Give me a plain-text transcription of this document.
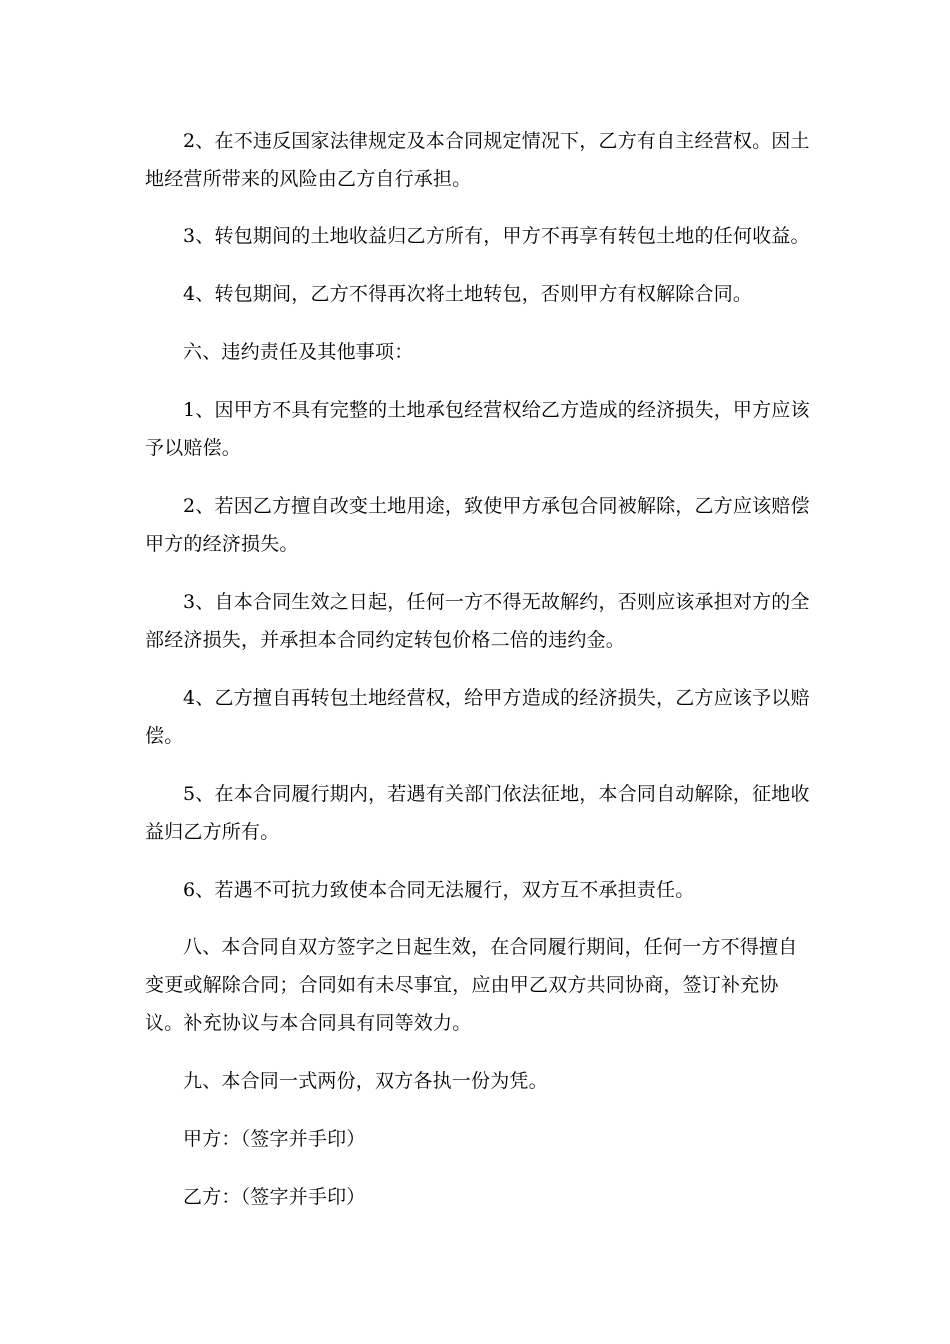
2、在不违反国家法律规定及本合同规定情况下，乙方有自主经营权。因土地经营所带来的风险由乙方自行承担。

3、转包期间的土地收益归乙方所有，甲方不再享有转包土地的任何收益。

4、转包期间，乙方不得再次将土地转包，否则甲方有权解除合同。

六、违约责任及其他事项：

1、因甲方不具有完整的土地承包经营权给乙方造成的经济损失，甲方应该予以赔偿。

2、若因乙方擅自改变土地用途，致使甲方承包合同被解除，乙方应该赔偿甲方的经济损失。

3、自本合同生效之日起，任何一方不得无故解约，否则应该承担对方的全部经济损失，并承担本合同约定转包价格二倍的违约金。

4、乙方擅自再转包土地经营权，给甲方造成的经济损失，乙方应该予以赔偿。

5、在本合同履行期内，若遇有关部门依法征地，本合同自动解除，征地收益归乙方所有。

6、若遇不可抗力致使本合同无法履行，双方互不承担责任。

八、本合同自双方签字之日起生效，在合同履行期间，任何一方不得擅自变更或解除合同；合同如有未尽事宜，应由甲乙双方共同协商，签订补充协议。补充协议与本合同具有同等效力。

九、本合同一式两份，双方各执一份为凭。

甲方：（签字并手印）

乙方：（签字并手印）
